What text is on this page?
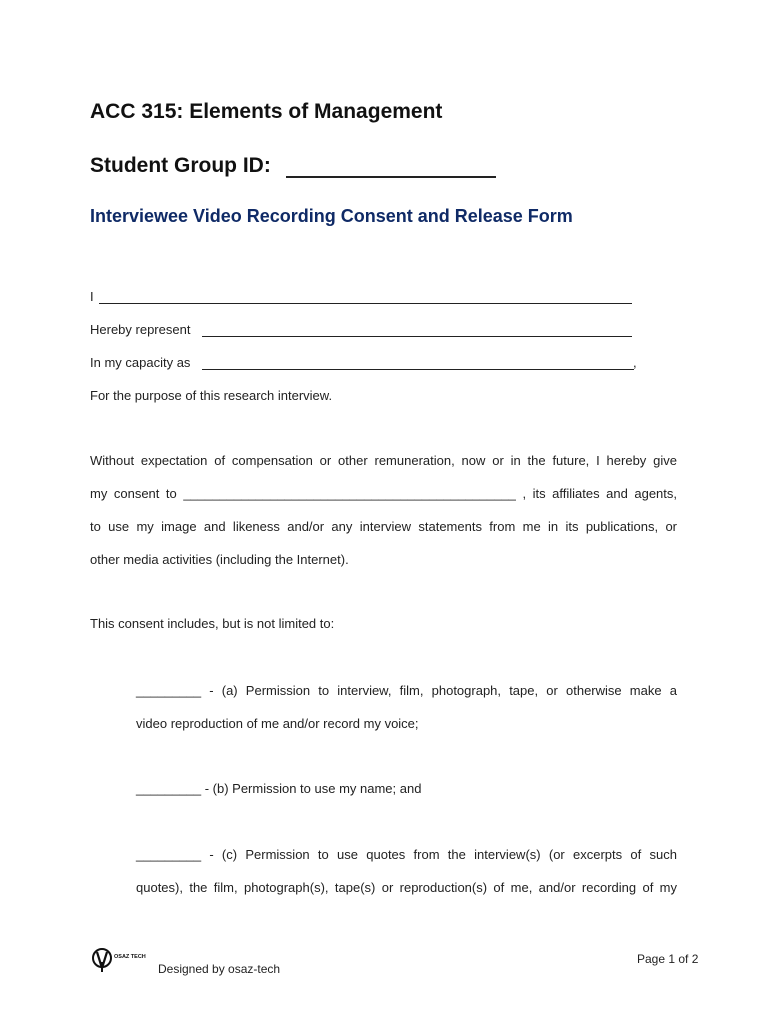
ACC 315: Elements of Management
Student Group ID:
Interviewee Video Recording Consent and Release Form
I
Hereby represent
In my capacity as	,
For the purpose of this research interview.
Without expectation of compensation or other remuneration, now or in the future, I hereby give
my consent to ______________________________________________ , its affiliates and agents,
to use my image and likeness and/or any interview statements from me in its publications, or
other media activities (including the Internet).
This consent includes, but is not limited to:
_________ - (a) Permission to interview, film, photograph, tape, or otherwise make a
video reproduction of me and/or record my voice;
_________ - (b) Permission to use my name; and
_________ - (c) Permission to use quotes from the interview(s) (or excerpts of such
quotes), the film, photograph(s), tape(s) or reproduction(s) of me, and/or recording of my
OSAZ TECH
Designed by osaz-tech
Page 1 of 2
